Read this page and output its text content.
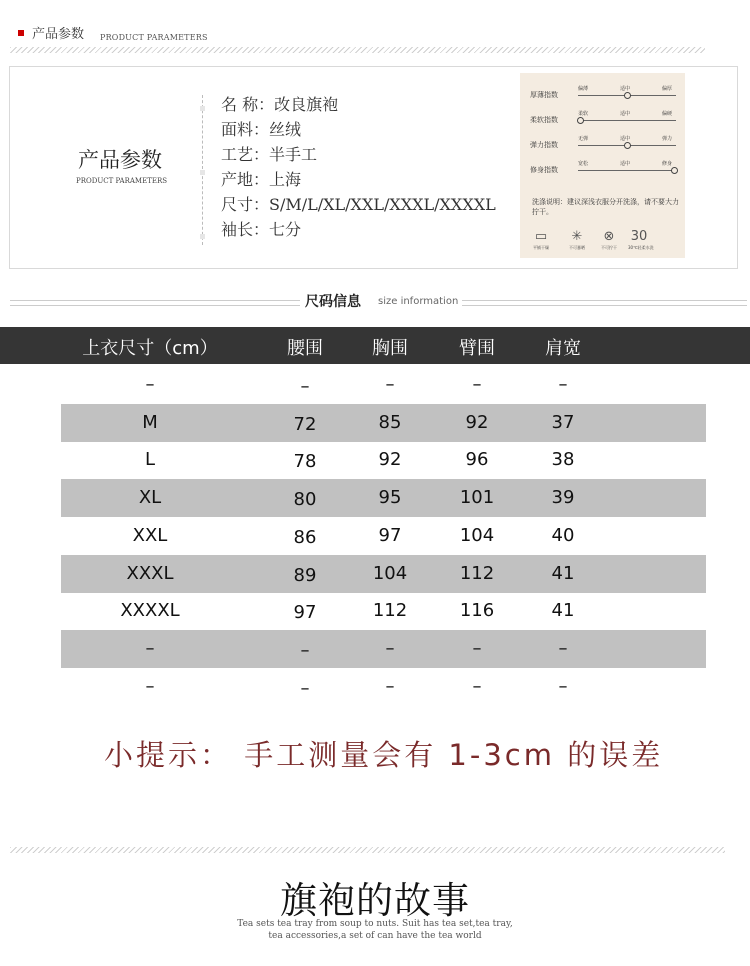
产品参数 PRODUCT PARAMETERS
产品参数
PRODUCT PARAMETERS
名 称：改良旗袍
面料：丝绒
工艺：半手工
产地：上海
尺寸：S/M/L/XL/XXL/XXXL/XXXXL
袖长：七分
厚薄指数
偏薄	适中	偏厚
柔软指数
柔软	适中	偏硬
弹力指数
无弹	适中	弹力
修身指数
宽松	适中	修身
洗涤说明：建议深浅衣服分开洗涤，请不要大力拧干。
▭
平铺干燥
✳
不可暴晒
⊗
不可拧干
30
30℃轻柔水洗
尺码信息 size information
上衣尺寸（cm）	腰围	胸围	臂围	肩宽
–	–	–	–	–
M	72	85	92	37
L	78	92	96	38
XL	80	95	101	39
XXL	86	97	104	40
XXXL	89	104	112	41
XXXXL	97	112	116	41
–	–	–	–	–
–	–	–	–	–
小提示： 手工测量会有 1-3cm 的误差
旗袍的故事
Tea sets tea tray from soup to nuts. Suit has tea set,tea tray,
tea accessories,a set of can have the tea world
